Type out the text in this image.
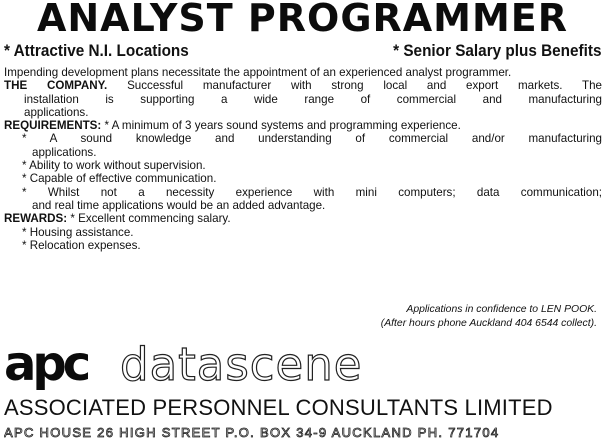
ANALYST PROGRAMMER
* Attractive N.I. Locations	* Senior Salary plus Benefits

Impending development plans necessitate the appointment of an experienced analyst programmer.

THE COMPANY. Successful manufacturer with strong local and export markets. The

installation is supporting a wide range of commercial and manufacturing

applications.

REQUIREMENTS: * A minimum of 3 years sound systems and programming experience.

* A sound knowledge and understanding of commercial and/or manufacturing

applications.

* Ability to work without supervision.

* Capable of effective communication.

* Whilst not a necessity experience with mini computers; data communication;

and real time applications would be an added advantage.

REWARDS: * Excellent commencing salary.

* Housing assistance.

* Relocation expenses.

Applications in confidence to LEN POOK.
(After hours phone Auckland 404 6544 collect).
apc datascene
ASSOCIATED PERSONNEL CONSULTANTS LIMITED
APC HOUSE 26 HIGH STREET P.O. BOX 34-9 AUCKLAND PH. 771704
